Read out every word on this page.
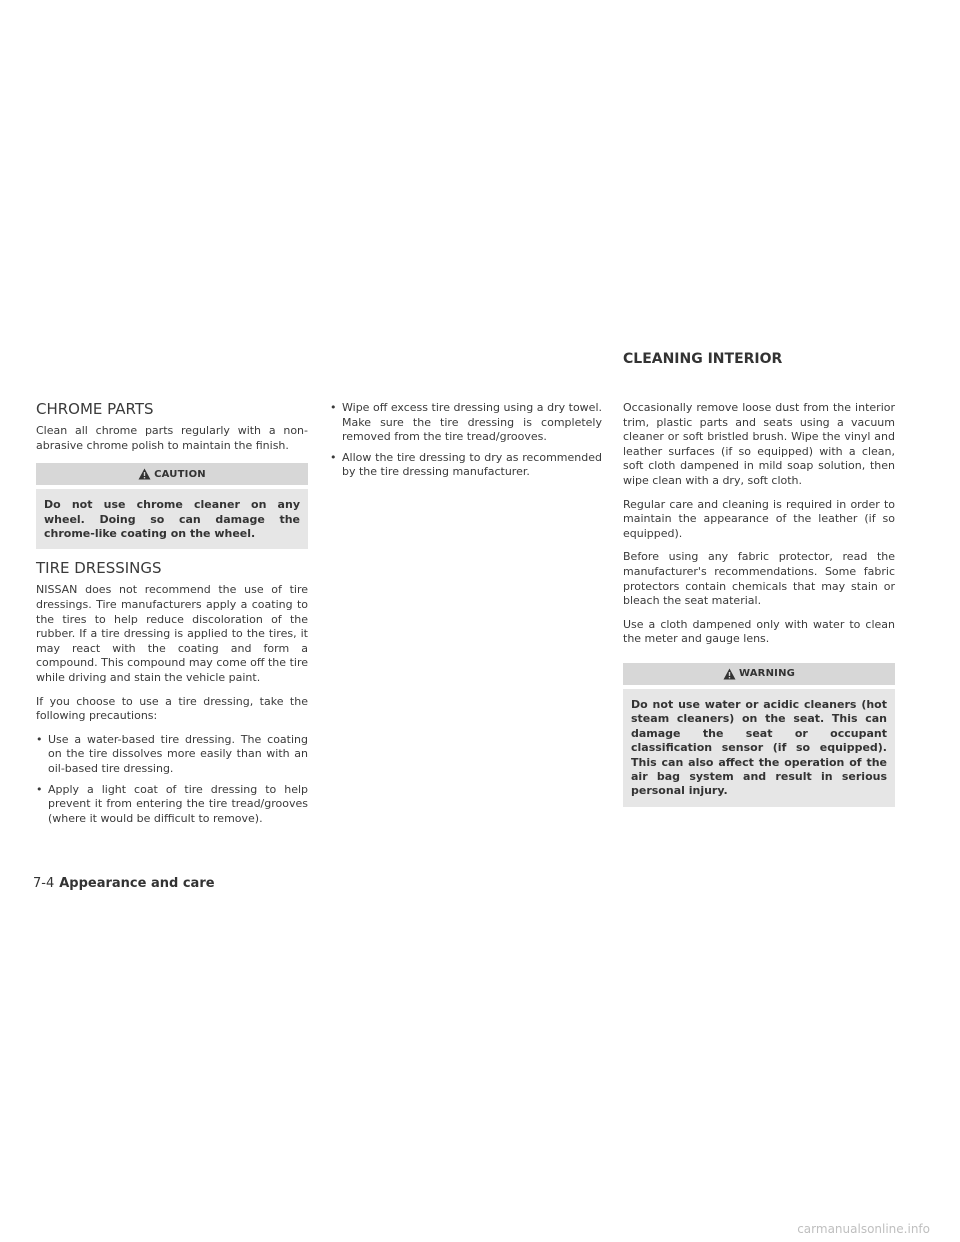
CLEANING INTERIOR
CHROME PARTS

Clean all chrome parts regularly with a non-abrasive chrome polish to maintain the finish.

CAUTION
Do not use chrome cleaner on any wheel. Doing so can damage the chrome-like coating on the wheel.
TIRE DRESSINGS

NISSAN does not recommend the use of tire dressings. Tire manufacturers apply a coating to the tires to help reduce discoloration of the rubber. If a tire dressing is applied to the tires, it may react with the coating and form a compound. This compound may come off the tire while driving and stain the vehicle paint.

If you choose to use a tire dressing, take the following precautions:

• Use a water-based tire dressing. The coating on the tire dissolves more easily than with an oil-based tire dressing.
• Apply a light coat of tire dressing to help prevent it from entering the tire tread/grooves (where it would be difficult to remove).
• Wipe off excess tire dressing using a dry towel. Make sure the tire dressing is completely removed from the tire tread/grooves.
• Allow the tire dressing to dry as recommended by the tire dressing manufacturer.

Occasionally remove loose dust from the interior trim, plastic parts and seats using a vacuum cleaner or soft bristled brush. Wipe the vinyl and leather surfaces (if so equipped) with a clean, soft cloth dampened in mild soap solution, then wipe clean with a dry, soft cloth.

Regular care and cleaning is required in order to maintain the appearance of the leather (if so equipped).

Before using any fabric protector, read the manufacturer's recommendations. Some fabric protectors contain chemicals that may stain or bleach the seat material.

Use a cloth dampened only with water to clean the meter and gauge lens.

WARNING
Do not use water or acidic cleaners (hot steam cleaners) on the seat. This can damage the seat or occupant classification sensor (if so equipped). This can also affect the operation of the air bag system and result in serious personal injury.
7-4 Appearance and care
carmanualsonline.info
